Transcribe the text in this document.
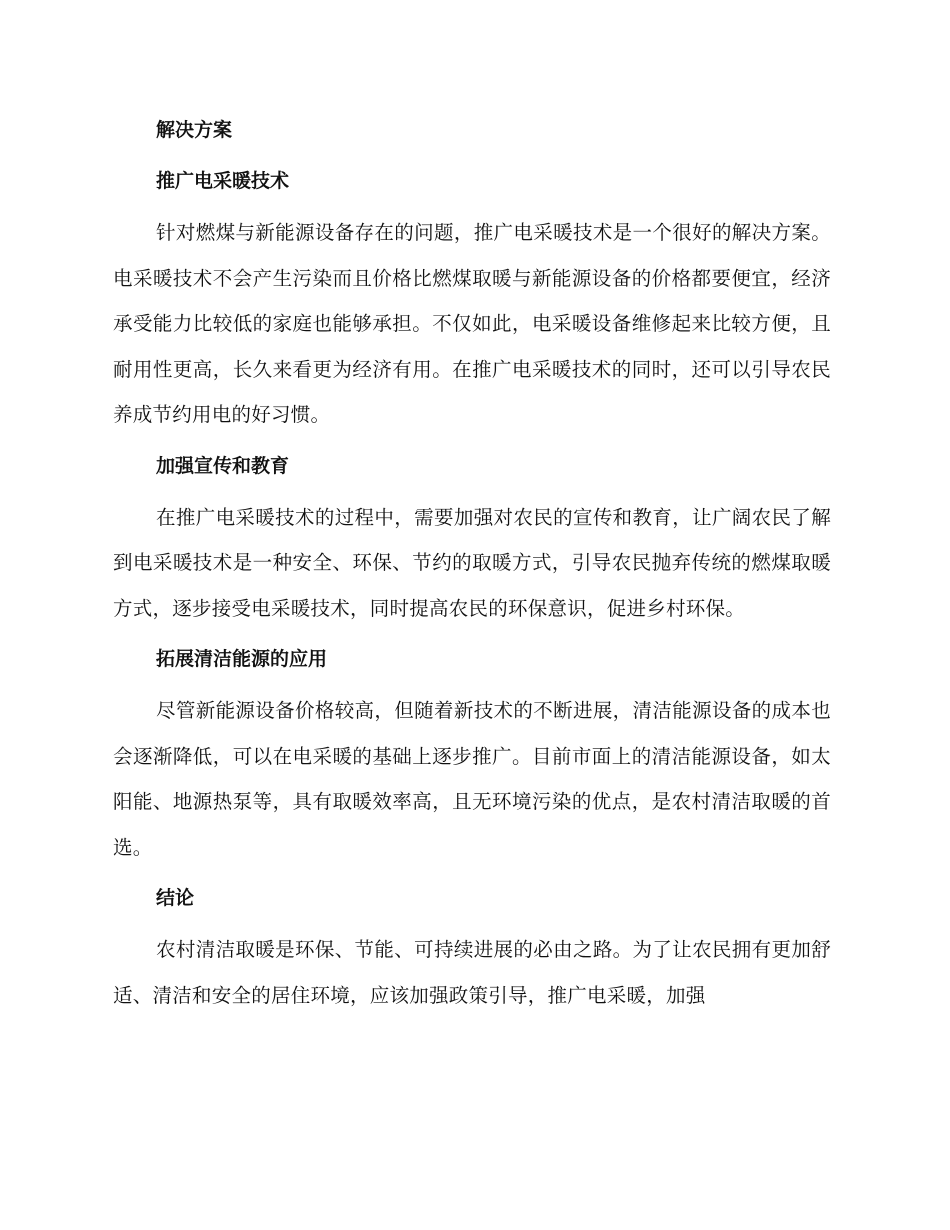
解决方案
推广电采暖技术

针对燃煤与新能源设备存在的问题，推广电采暖技术是一个很好的解决方案。电采暖技术不会产生污染而且价格比燃煤取暖与新能源设备的价格都要便宜，经济承受能力比较低的家庭也能够承担。不仅如此，电采暖设备维修起来比较方便，且耐用性更高，长久来看更为经济有用。在推广电采暖技术的同时，还可以引导农民养成节约用电的好习惯。

加强宣传和教育

在推广电采暖技术的过程中，需要加强对农民的宣传和教育，让广阔农民了解到电采暖技术是一种安全、环保、节约的取暖方式，引导农民抛弃传统的燃煤取暖方式，逐步接受电采暖技术，同时提高农民的环保意识，促进乡村环保。

拓展清洁能源的应用

尽管新能源设备价格较高，但随着新技术的不断进展，清洁能源设备的成本也会逐渐降低，可以在电采暖的基础上逐步推广。目前市面上的清洁能源设备，如太阳能、地源热泵等，具有取暖效率高，且无环境污染的优点，是农村清洁取暖的首选。

结论

农村清洁取暖是环保、节能、可持续进展的必由之路。为了让农民拥有更加舒适、清洁和安全的居住环境，应该加强政策引导，推广电采暖，加强
